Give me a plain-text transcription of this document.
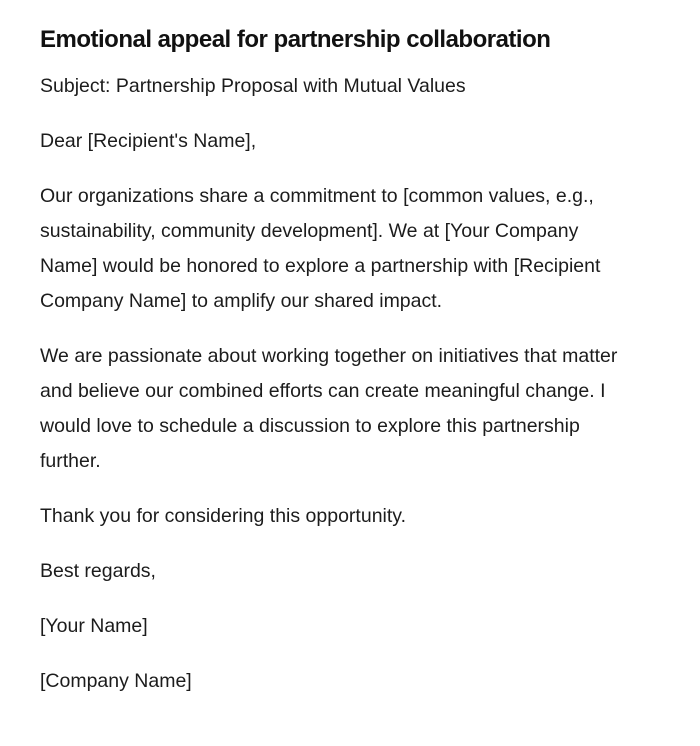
Emotional appeal for partnership collaboration

Subject: Partnership Proposal with Mutual Values

Dear [Recipient's Name],

Our organizations share a commitment to [common values, e.g., sustainability, community development]. We at [Your Company Name] would be honored to explore a partnership with [Recipient Company Name] to amplify our shared impact.

We are passionate about working together on initiatives that matter and believe our combined efforts can create meaningful change. I would love to schedule a discussion to explore this partnership further.

Thank you for considering this opportunity.

Best regards,

[Your Name]

[Company Name]
